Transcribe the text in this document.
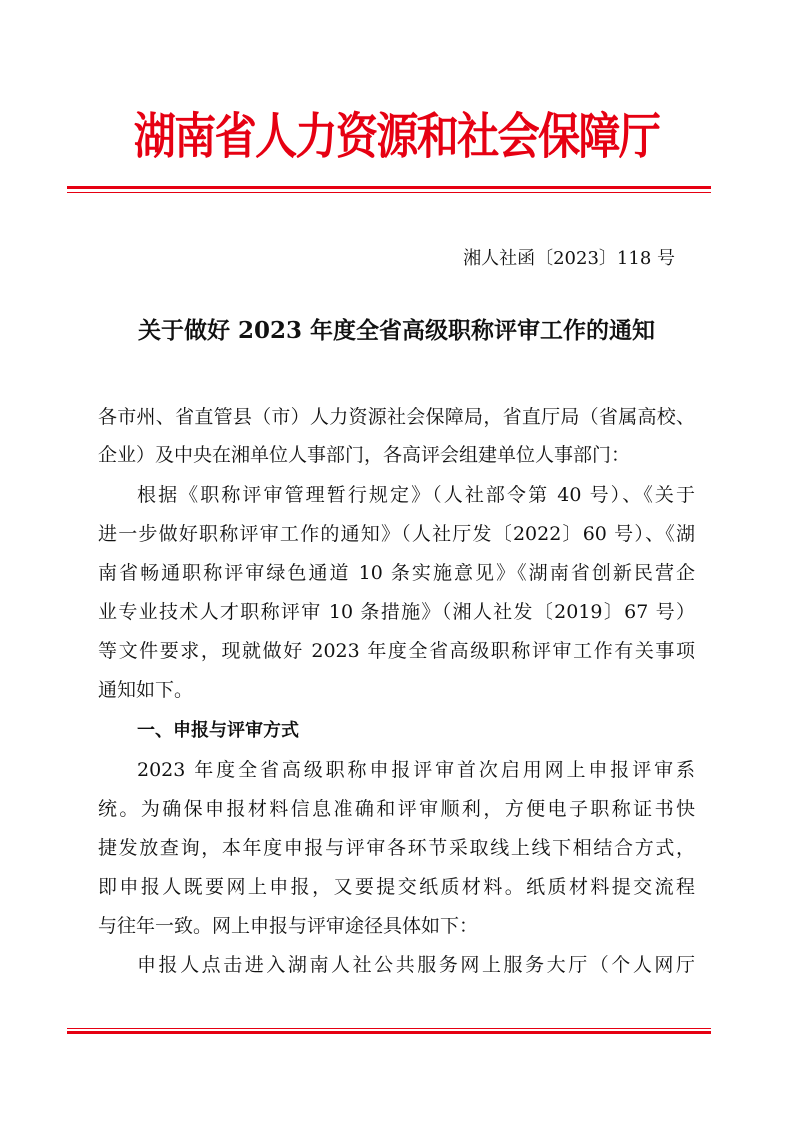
湖南省人力资源和社会保障厅
湘人社函〔2023〕118 号
关于做好 2023 年度全省高级职称评审工作的通知
各市州、省直管县（市）人力资源社会保障局，省直厅局（省属高校、
企业）及中央在湘单位人事部门，各高评会组建单位人事部门：
根据《职称评审管理暂行规定》（人社部令第 40 号）、《关于
进一步做好职称评审工作的通知》（人社厅发〔2022〕60 号）、《湖
南省畅通职称评审绿色通道 10 条实施意见》《湖南省创新民营企
业专业技术人才职称评审 10 条措施》（湘人社发〔2019〕67 号）
等文件要求，现就做好 2023 年度全省高级职称评审工作有关事项
通知如下。
一、申报与评审方式
2023 年度全省高级职称申报评审首次启用网上申报评审系
统。为确保申报材料信息准确和评审顺利，方便电子职称证书快
捷发放查询，本年度申报与评审各环节采取线上线下相结合方式，
即申报人既要网上申报，又要提交纸质材料。纸质材料提交流程
与往年一致。网上申报与评审途径具体如下：
申报人点击进入湖南人社公共服务网上服务大厅（个人网厅
